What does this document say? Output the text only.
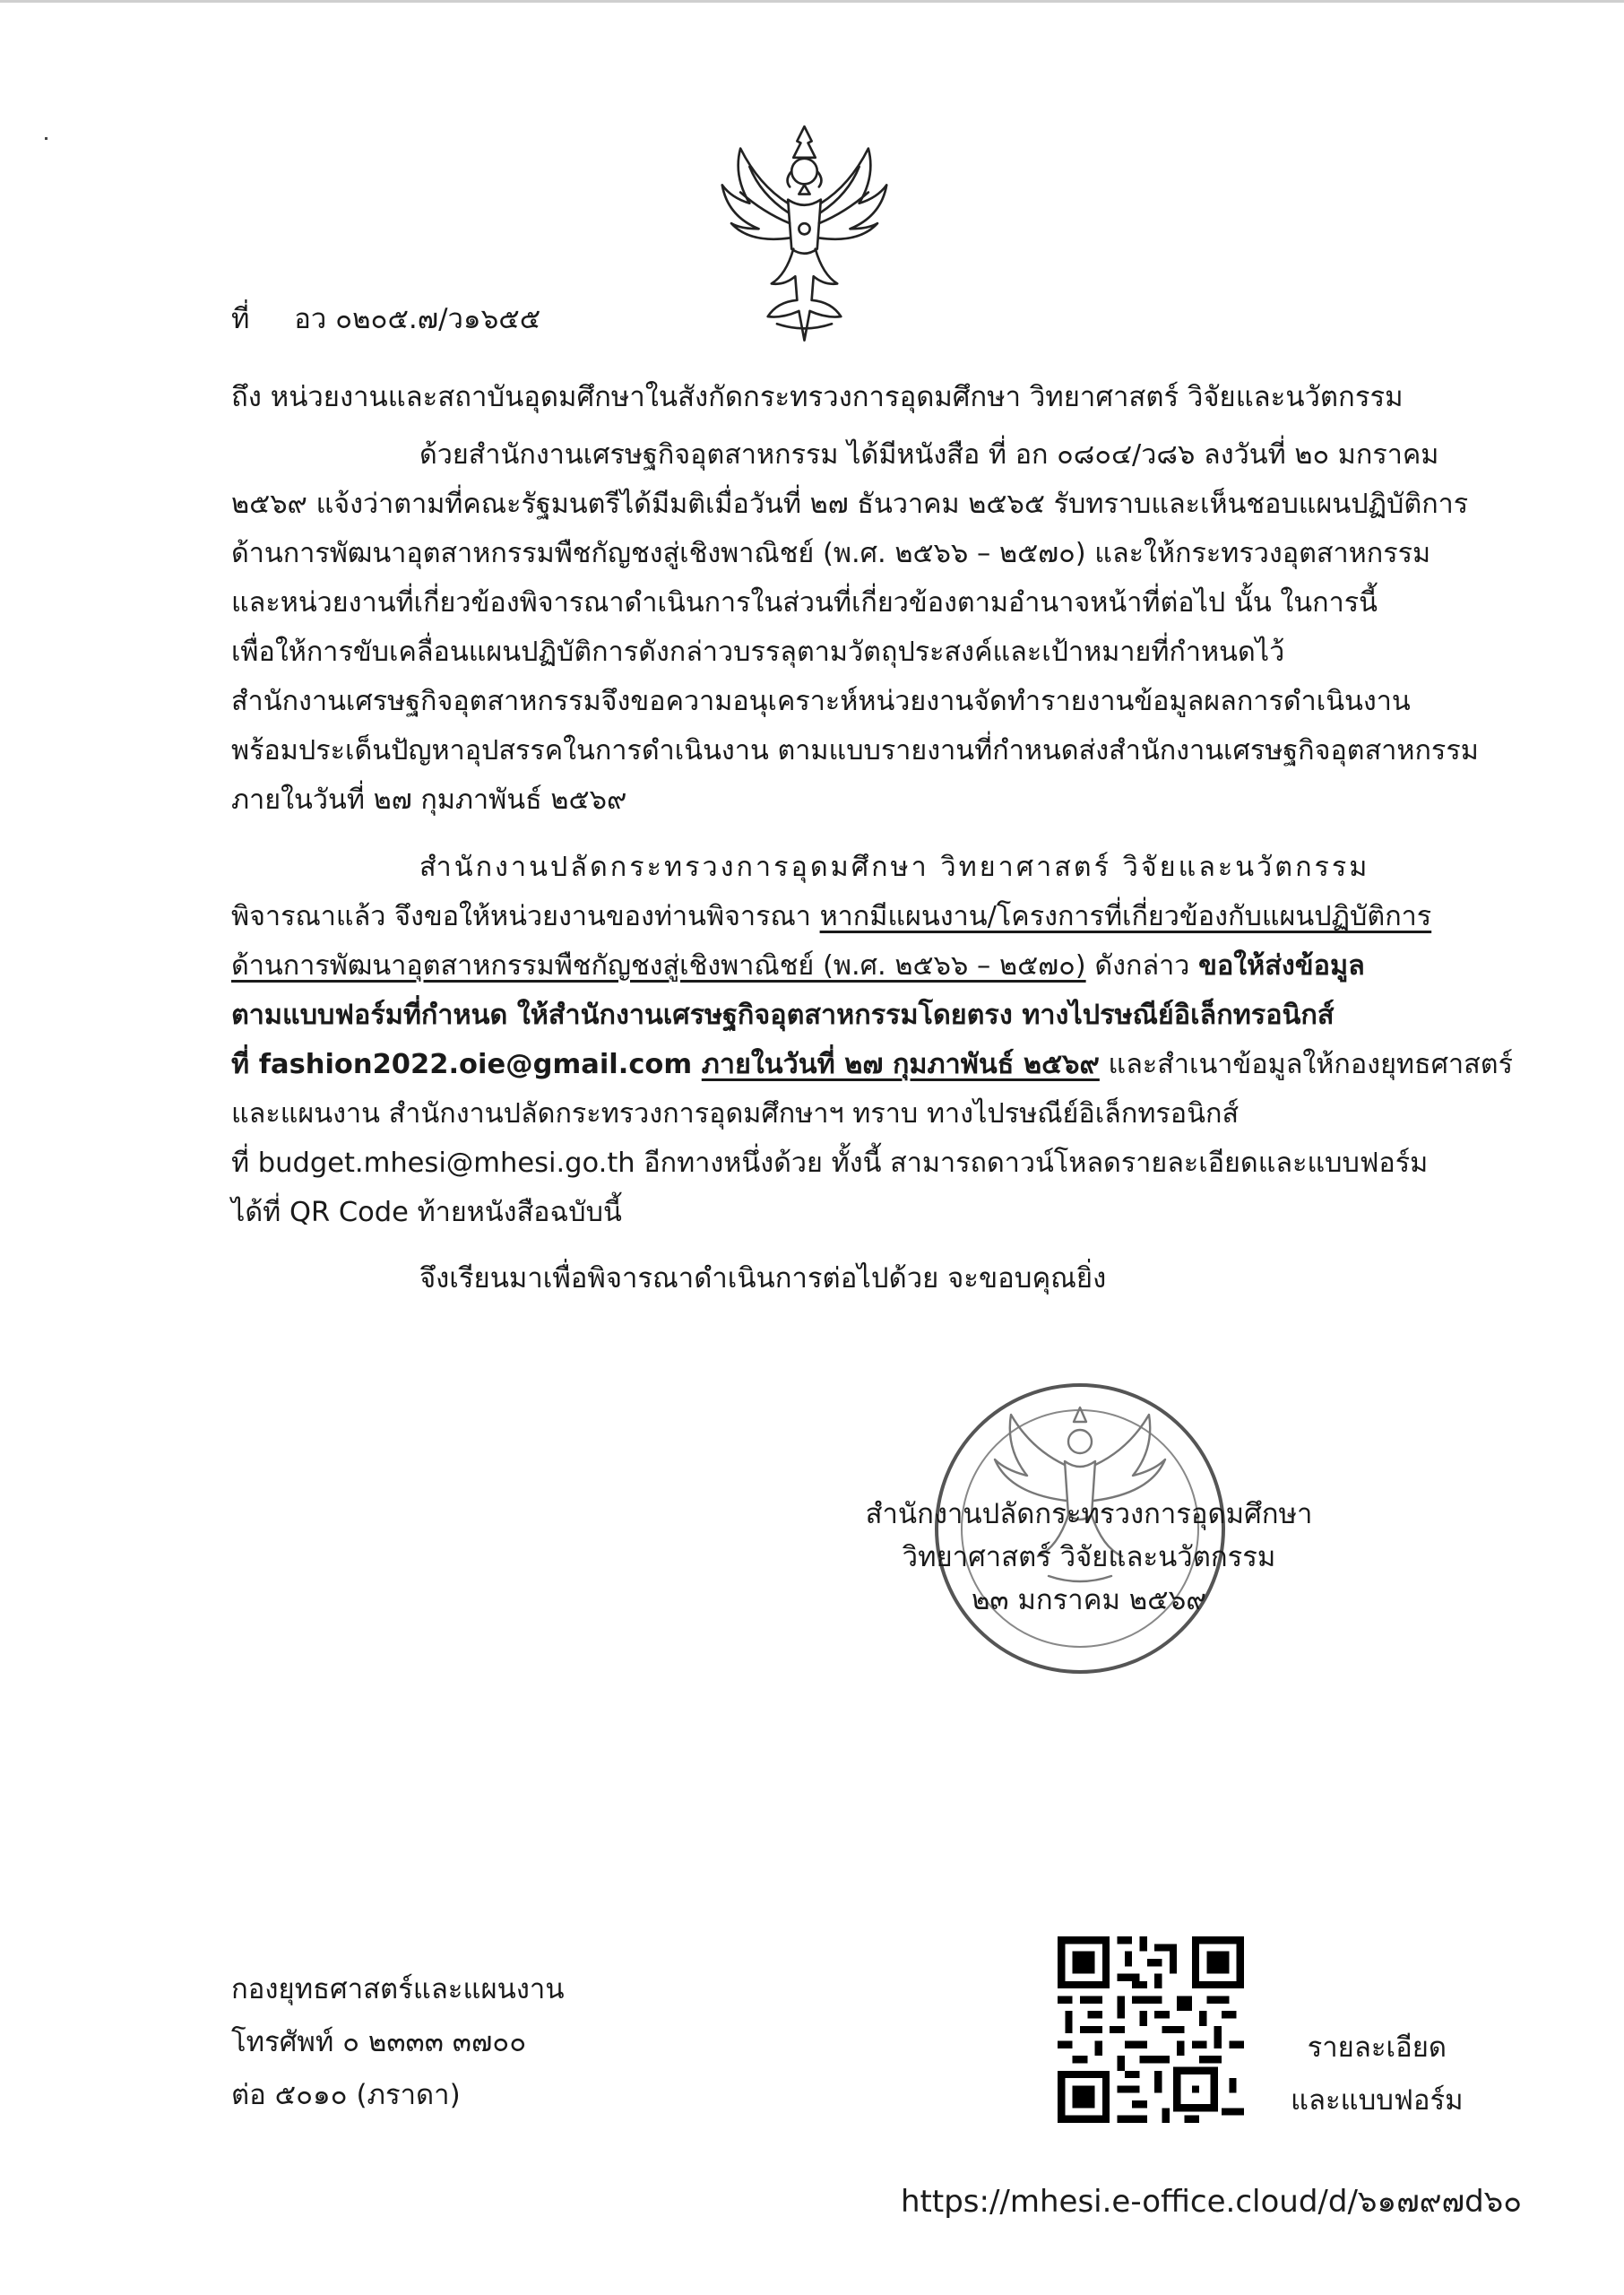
ที่ อว ๐๒๐๕.๗/ว๑๖๕๕
ถึง หน่วยงานและสถาบันอุดมศึกษาในสังกัดกระทรวงการอุดมศึกษา วิทยาศาสตร์ วิจัยและนวัตกรรม
ด้วยสำนักงานเศรษฐกิจอุตสาหกรรม ได้มีหนังสือ ที่ อก ๐๘๐๔/ว๘๖ ลงวันที่ ๒๐ มกราคม
๒๕๖๙ แจ้งว่าตามที่คณะรัฐมนตรีได้มีมติเมื่อวันที่ ๒๗ ธันวาคม ๒๕๖๕ รับทราบและเห็นชอบแผนปฏิบัติการ
ด้านการพัฒนาอุตสาหกรรมพืชกัญชงสู่เชิงพาณิชย์ (พ.ศ. ๒๕๖๖ – ๒๕๗๐) และให้กระทรวงอุตสาหกรรม
และหน่วยงานที่เกี่ยวข้องพิจารณาดำเนินการในส่วนที่เกี่ยวข้องตามอำนาจหน้าที่ต่อไป นั้น ในการนี้
เพื่อให้การขับเคลื่อนแผนปฏิบัติการดังกล่าวบรรลุตามวัตถุประสงค์และเป้าหมายที่กำหนดไว้
สำนักงานเศรษฐกิจอุตสาหกรรมจึงขอความอนุเคราะห์หน่วยงานจัดทำรายงานข้อมูลผลการดำเนินงาน
พร้อมประเด็นปัญหาอุปสรรคในการดำเนินงาน ตามแบบรายงานที่กำหนดส่งสำนักงานเศรษฐกิจอุตสาหกรรม
ภายในวันที่ ๒๗ กุมภาพันธ์ ๒๕๖๙
สำนักงานปลัดกระทรวงการอุดมศึกษา วิทยาศาสตร์ วิจัยและนวัตกรรม
พิจารณาแล้ว จึงขอให้หน่วยงานของท่านพิจารณา หากมีแผนงาน/โครงการที่เกี่ยวข้องกับแผนปฏิบัติการ
ด้านการพัฒนาอุตสาหกรรมพืชกัญชงสู่เชิงพาณิชย์ (พ.ศ. ๒๕๖๖ – ๒๕๗๐) ดังกล่าว ขอให้ส่งข้อมูล
ตามแบบฟอร์มที่กำหนด ให้สำนักงานเศรษฐกิจอุตสาหกรรมโดยตรง ทางไปรษณีย์อิเล็กทรอนิกส์
ที่ fashion2022.oie@gmail.com ภายในวันที่ ๒๗ กุมภาพันธ์ ๒๕๖๙ และสำเนาข้อมูลให้กองยุทธศาสตร์
และแผนงาน สำนักงานปลัดกระทรวงการอุดมศึกษาฯ ทราบ ทางไปรษณีย์อิเล็กทรอนิกส์
ที่ budget.mhesi@mhesi.go.th อีกทางหนึ่งด้วย ทั้งนี้ สามารถดาวน์โหลดรายละเอียดและแบบฟอร์ม
ได้ที่ QR Code ท้ายหนังสือฉบับนี้
จึงเรียนมาเพื่อพิจารณาดำเนินการต่อไปด้วย จะขอบคุณยิ่ง
สำนักงานปลัดกระทรวงการอุดมศึกษา
วิทยาศาสตร์ วิจัยและนวัตกรรม
๒๓ มกราคม ๒๕๖๙
กองยุทธศาสตร์และแผนงาน
โทรศัพท์ ๐ ๒๓๓๓ ๓๗๐๐
ต่อ ๕๐๑๐ (ภราดา)
รายละเอียด
และแบบฟอร์ม
https://mhesi.e-office.cloud/d/๖๑๗๙๗d๖๐
